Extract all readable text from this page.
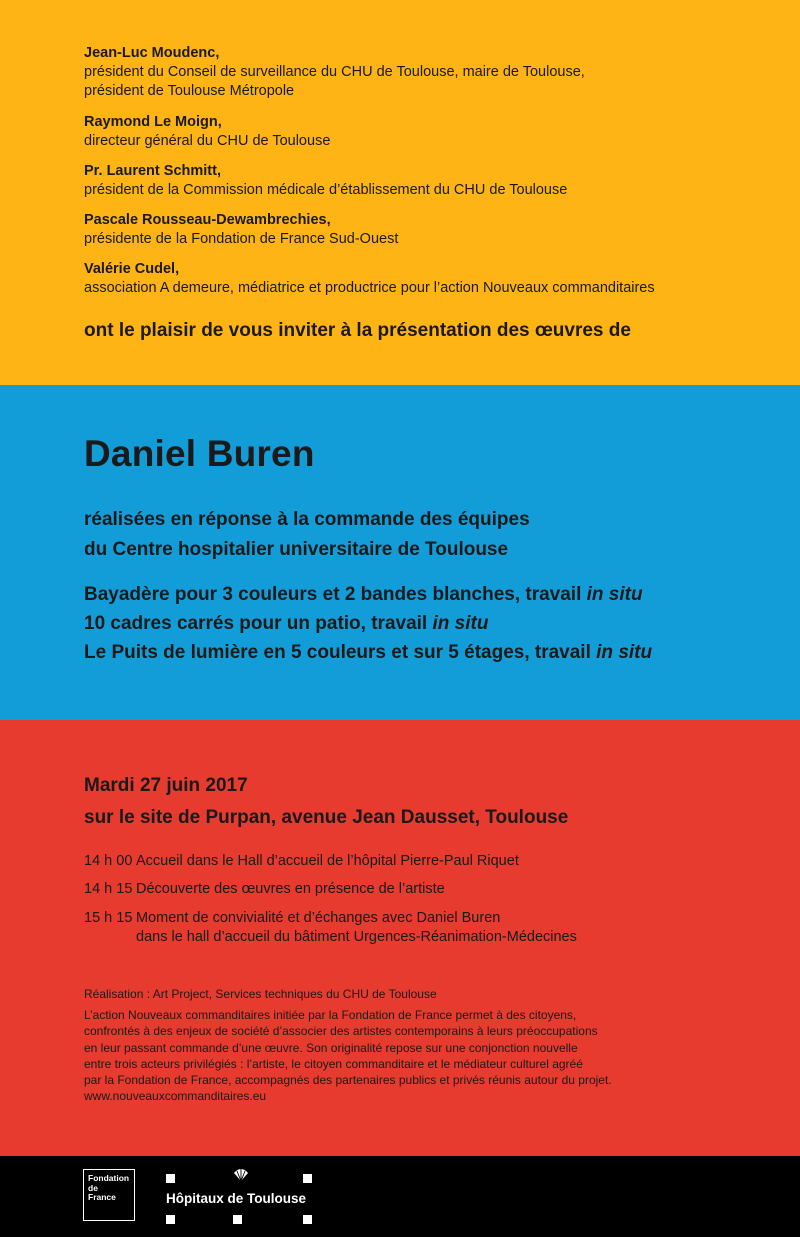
Jean-Luc Moudenc,
président du Conseil de surveillance du CHU de Toulouse, maire de Toulouse,
président de Toulouse Métropole
Raymond Le Moign,
directeur général du CHU de Toulouse
Pr. Laurent Schmitt,
président de la Commission médicale d’établissement du CHU de Toulouse
Pascale Rousseau-Dewambrechies,
présidente de la Fondation de France Sud-Ouest
Valérie Cudel,
association A demeure, médiatrice et productrice pour l’action Nouveaux commanditaires
ont le plaisir de vous inviter à la présentation des œuvres de
Daniel Buren
réalisées en réponse à la commande des équipes
du Centre hospitalier universitaire de Toulouse
Bayadère pour 3 couleurs et 2 bandes blanches, travail in situ
10 cadres carrés pour un patio, travail in situ
Le Puits de lumière en 5 couleurs et sur 5 étages, travail in situ
Mardi 27 juin 2017
sur le site de Purpan, avenue Jean Dausset, Toulouse
14 h 00 Accueil dans le Hall d’accueil de l’hôpital Pierre-Paul Riquet
14 h 15 Découverte des œuvres en présence de l’artiste
15 h 15 Moment de convivialité et d’échanges avec Daniel Buren
dans le hall d’accueil du bâtiment Urgences-Réanimation-Médecines
Réalisation : Art Project, Services techniques du CHU de Toulouse
L’action Nouveaux commanditaires initiée par la Fondation de France permet à des citoyens,
confrontés à des enjeux de société d’associer des artistes contemporains à leurs préoccupations
en leur passant commande d’une œuvre. Son originalité repose sur une conjonction nouvelle
entre trois acteurs privilégiés : l’artiste, le citoyen commanditaire et le médiateur culturel agréé
par la Fondation de France, accompagnés des partenaires publics et privés réunis autour du projet.
www.nouveauxcommanditaires.eu
Fondation
de
France	Hôpitaux de Toulouse
